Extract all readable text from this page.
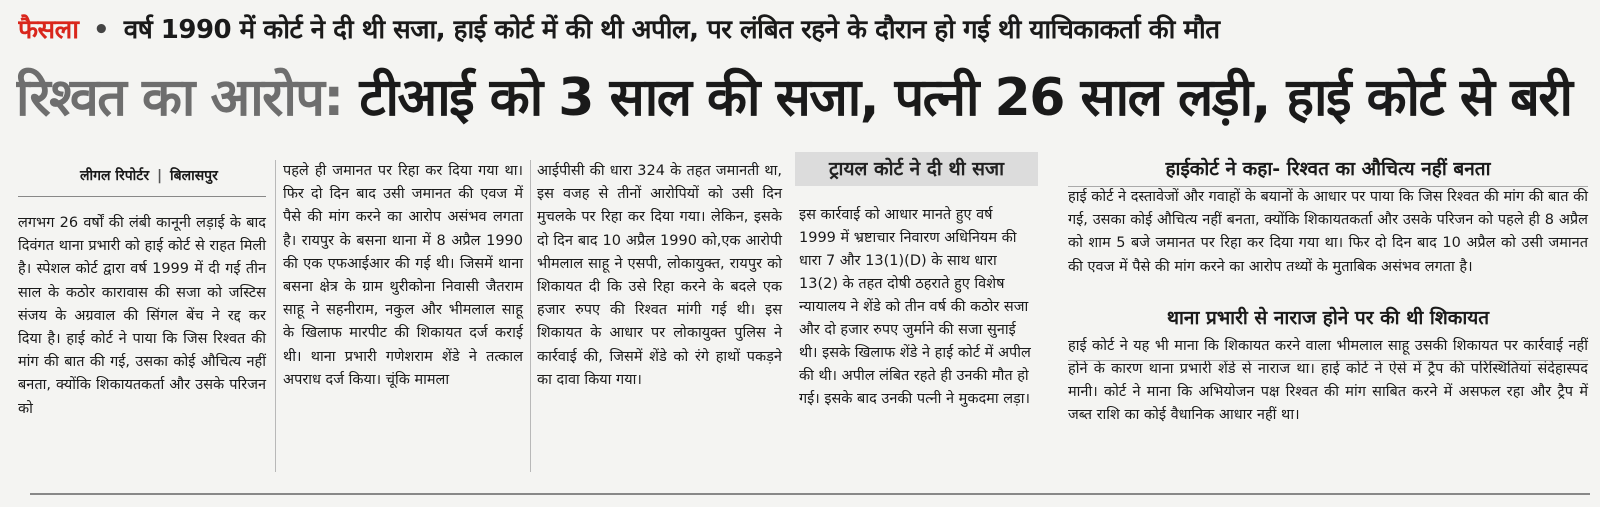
फैसला • वर्ष 1990 में कोर्ट ने दी थी सजा, हाई कोर्ट में की थी अपील, पर लंबित रहने के दौरान हो गई थी याचिकाकर्ता की मौत
रिश्वत का आरोप: टीआई को 3 साल की सजा, पत्नी 26 साल लड़ी, हाई कोर्ट से बरी
लीगल रिपोर्टर | बिलासपुर
लगभग 26 वर्षों की लंबी कानूनी लड़ाई के बाद दिवंगत थाना प्रभारी को हाई कोर्ट से राहत मिली है। स्पेशल कोर्ट द्वारा वर्ष 1999 में दी गई तीन साल के कठोर कारावास की सजा को जस्टिस संजय के अग्रवाल की सिंगल बेंच ने रद्द कर दिया है। हाई कोर्ट ने पाया कि जिस रिश्वत की मांग की बात की गई, उसका कोई औचित्य नहीं बनता, क्योंकि शिकायतकर्ता और उसके परिजन को
पहले ही जमानत पर रिहा कर दिया गया था। फिर दो दिन बाद उसी जमानत की एवज में पैसे की मांग करने का आरोप असंभव लगता है। रायपुर के बसना थाना में 8 अप्रैल 1990 की एक एफआईआर की गई थी। जिसमें थाना बसना क्षेत्र के ग्राम थुरीकोना निवासी जैतराम साहू ने सहनीराम, नकुल और भीमलाल साहू के खिलाफ मारपीट की शिकायत दर्ज कराई थी। थाना प्रभारी गणेशराम शेंडे ने तत्काल अपराध दर्ज किया। चूंकि मामला
आईपीसी की धारा 324 के तहत जमानती था, इस वजह से तीनों आरोपियों को उसी दिन मुचलके पर रिहा कर दिया गया। लेकिन, इसके दो दिन बाद 10 अप्रैल 1990 को,एक आरोपी भीमलाल साहू ने एसपी, लोकायुक्त, रायपुर को शिकायत दी कि उसे रिहा करने के बदले एक हजार रुपए की रिश्वत मांगी गई थी। इस शिकायत के आधार पर लोकायुक्त पुलिस ने कार्रवाई की, जिसमें शेंडे को रंगे हाथों पकड़ने का दावा किया गया।
ट्रायल कोर्ट ने दी थी सजा
इस कार्रवाई को आधार मानते हुए वर्ष 1999 में भ्रष्टाचार निवारण अधिनियम की धारा 7 और 13(1)(D) के साथ धारा 13(2) के तहत दोषी ठहराते हुए विशेष न्यायालय ने शेंडे को तीन वर्ष की कठोर सजा और दो हजार रुपए जुर्माने की सजा सुनाई थी। इसके खिलाफ शेंडे ने हाई कोर्ट में अपील की थी। अपील लंबित रहते ही उनकी मौत हो गई। इसके बाद उनकी पत्नी ने मुकदमा लड़ा।
हाईकोर्ट ने कहा- रिश्वत का औचित्य नहीं बनता
हाई कोर्ट ने दस्तावेजों और गवाहों के बयानों के आधार पर पाया कि जिस रिश्वत की मांग की बात की गई, उसका कोई औचित्य नहीं बनता, क्योंकि शिकायतकर्ता और उसके परिजन को पहले ही 8 अप्रैल को शाम 5 बजे जमानत पर रिहा कर दिया गया था। फिर दो दिन बाद 10 अप्रैल को उसी जमानत की एवज में पैसे की मांग करने का आरोप तथ्यों के मुताबिक असंभव लगता है।
थाना प्रभारी से नाराज होने पर की थी शिकायत
हाई कोर्ट ने यह भी माना कि शिकायत करने वाला भीमलाल साहू उसकी शिकायत पर कार्रवाई नहीं होने के कारण थाना प्रभारी शेंडे से नाराज था। हाई कोर्ट ने ऐसे में ट्रैप की परिस्थितियां संदेहास्पद मानी। कोर्ट ने माना कि अभियोजन पक्ष रिश्वत की मांग साबित करने में असफल रहा और ट्रैप में जब्त राशि का कोई वैधानिक आधार नहीं था।
